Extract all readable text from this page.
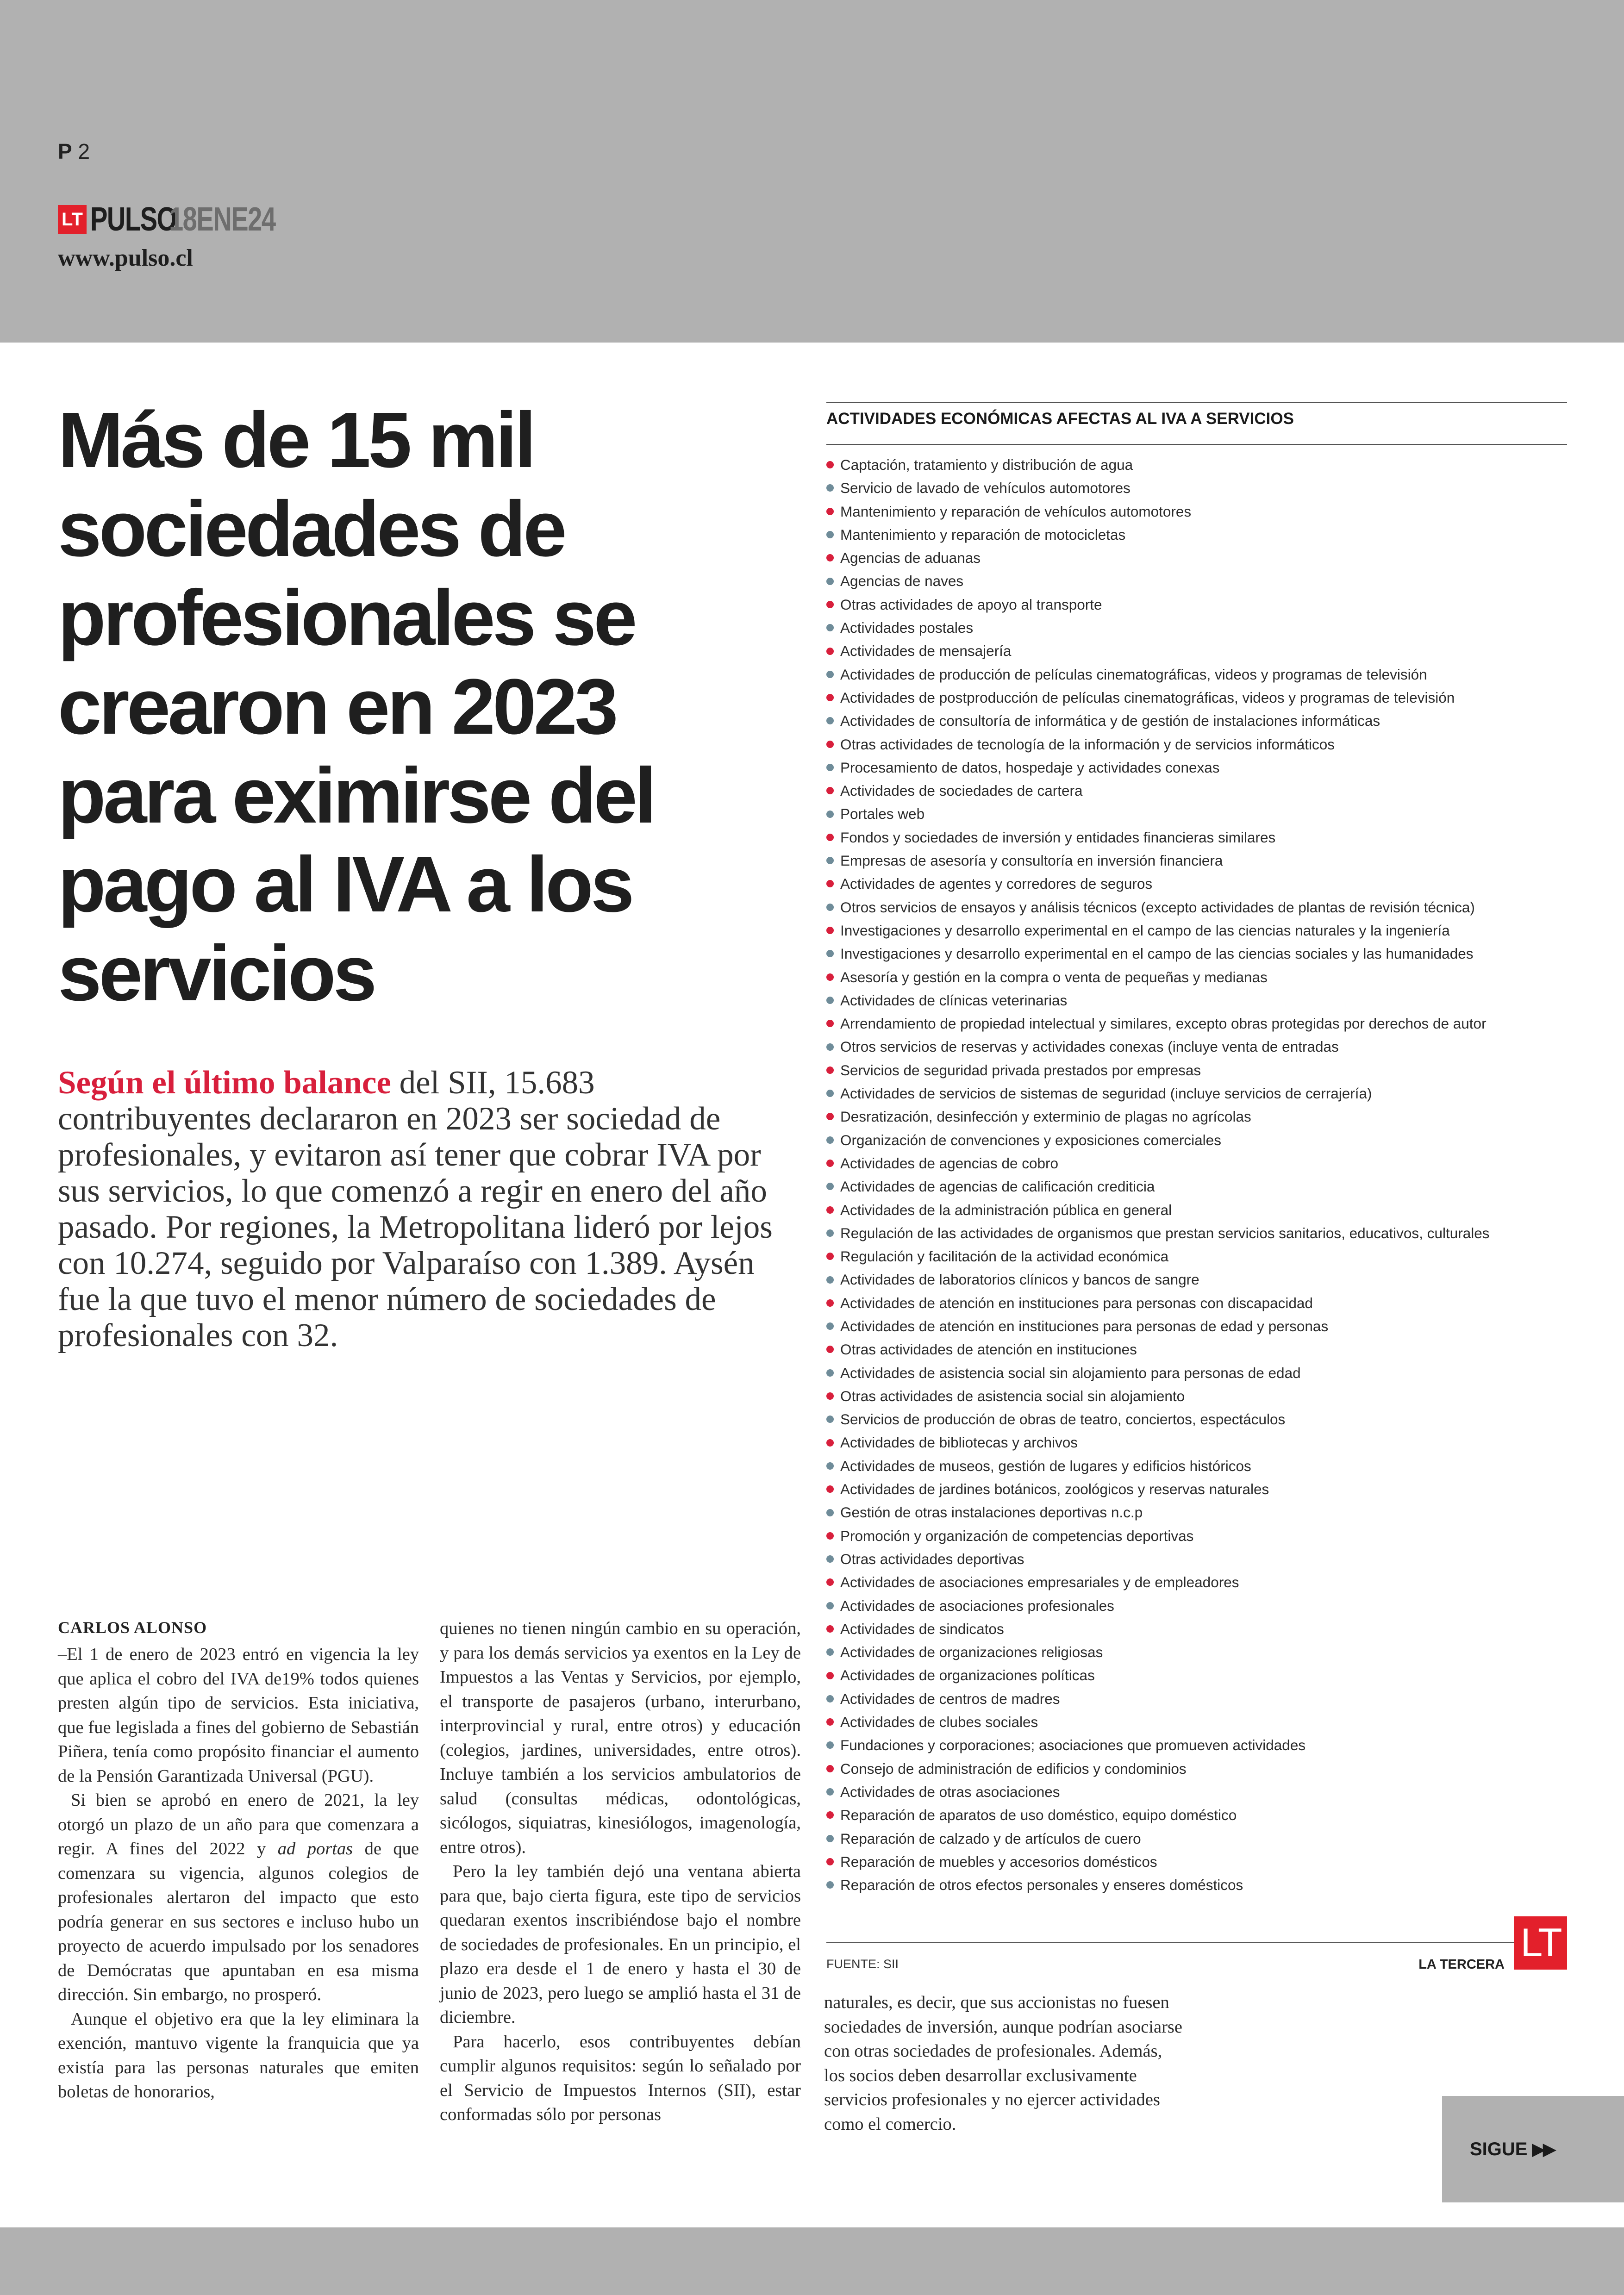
P 2
LT PULSO
18ENE24
www.pulso.cl
Más de 15 mil sociedades de profesionales se crearon en 2023 para eximirse del pago al IVA a los servicios

Según el último balance del SII, 15.683 contribuyentes declararon en 2023 ser sociedad de profesionales, y evitaron así tener que cobrar IVA por sus servicios, lo que comenzó a regir en enero del año pasado. Por regiones, la Metropolitana lideró por lejos con 10.274, seguido por Valparaíso con 1.389. Aysén fue la que tuvo el menor número de sociedades de profesionales con 32.

CARLOS ALONSO

–El 1 de enero de 2023 entró en vigencia la ley que aplica el cobro del IVA de19% todos quienes presten algún tipo de servicios. Esta iniciativa, que fue legislada a fines del gobierno de Sebastián Piñera, tenía como propósito financiar el aumento de la Pensión Garantizada Universal (PGU).

Si bien se aprobó en enero de 2021, la ley otorgó un plazo de un año para que comenzara a regir. A fines del 2022 y ad portas de que comenzara su vigencia, algunos colegios de profesionales alertaron del impacto que esto podría generar en sus sectores e incluso hubo un proyecto de acuerdo impulsado por los senadores de Demócratas que apuntaban en esa misma dirección. Sin embargo, no prosperó.

Aunque el objetivo era que la ley eliminara la exención, mantuvo vigente la franquicia que ya existía para las personas naturales que emiten boletas de honorarios,

quienes no tienen ningún cambio en su operación, y para los demás servicios ya exentos en la Ley de Impuestos a las Ventas y Servicios, por ejemplo, el transporte de pasajeros (urbano, interurbano, interprovincial y rural, entre otros) y educación (colegios, jardines, universidades, entre otros). Incluye también a los servicios ambulatorios de salud (consultas médicas, odontológicas, sicólogos, siquiatras, kinesiólogos, imagenología, entre otros).

Pero la ley también dejó una ventana abierta para que, bajo cierta figura, este tipo de servicios quedaran exentos inscribiéndose bajo el nombre de sociedades de profesionales. En un principio, el plazo era desde el 1 de enero y hasta el 30 de junio de 2023, pero luego se amplió hasta el 31 de diciembre.

Para hacerlo, esos contribuyentes debían cumplir algunos requisitos: según lo señalado por el Servicio de Impuestos Internos (SII), estar conformadas sólo por personas

naturales, es decir, que sus accionistas no fuesen sociedades de inversión, aunque podrían asociarse con otras sociedades de profesionales. Además, los socios deben desarrollar exclusivamente servicios profesionales y no ejercer actividades como el comercio.

ACTIVIDADES ECONÓMICAS AFECTAS AL IVA A SERVICIOS
Captación, tratamiento y distribución de agua
Servicio de lavado de vehículos automotores
Mantenimiento y reparación de vehículos automotores
Mantenimiento y reparación de motocicletas
Agencias de aduanas
Agencias de naves
Otras actividades de apoyo al transporte
Actividades postales
Actividades de mensajería
Actividades de producción de películas cinematográficas, videos y programas de televisión
Actividades de postproducción de películas cinematográficas, videos y programas de televisión
Actividades de consultoría de informática y de gestión de instalaciones informáticas
Otras actividades de tecnología de la información y de servicios informáticos
Procesamiento de datos, hospedaje y actividades conexas
Actividades de sociedades de cartera
Portales web
Fondos y sociedades de inversión y entidades financieras similares
Empresas de asesoría y consultoría en inversión financiera
Actividades de agentes y corredores de seguros
Otros servicios de ensayos y análisis técnicos (excepto actividades de plantas de revisión técnica)
Investigaciones y desarrollo experimental en el campo de las ciencias naturales y la ingeniería
Investigaciones y desarrollo experimental en el campo de las ciencias sociales y las humanidades
Asesoría y gestión en la compra o venta de pequeñas y medianas
Actividades de clínicas veterinarias
Arrendamiento de propiedad intelectual y similares, excepto obras protegidas por derechos de autor
Otros servicios de reservas y actividades conexas (incluye venta de entradas
Servicios de seguridad privada prestados por empresas
Actividades de servicios de sistemas de seguridad (incluye servicios de cerrajería)
Desratización, desinfección y exterminio de plagas no agrícolas
Organización de convenciones y exposiciones comerciales
Actividades de agencias de cobro
Actividades de agencias de calificación crediticia
Actividades de la administración pública en general
Regulación de las actividades de organismos que prestan servicios sanitarios, educativos, culturales
Regulación y facilitación de la actividad económica
Actividades de laboratorios clínicos y bancos de sangre
Actividades de atención en instituciones para personas con discapacidad
Actividades de atención en instituciones para personas de edad y personas
Otras actividades de atención en instituciones
Actividades de asistencia social sin alojamiento para personas de edad
Otras actividades de asistencia social sin alojamiento
Servicios de producción de obras de teatro, conciertos, espectáculos
Actividades de bibliotecas y archivos
Actividades de museos, gestión de lugares y edificios históricos
Actividades de jardines botánicos, zoológicos y reservas naturales
Gestión de otras instalaciones deportivas n.c.p
Promoción y organización de competencias deportivas
Otras actividades deportivas
Actividades de asociaciones empresariales y de empleadores
Actividades de asociaciones profesionales
Actividades de sindicatos
Actividades de organizaciones religiosas
Actividades de organizaciones políticas
Actividades de centros de madres
Actividades de clubes sociales
Fundaciones y corporaciones; asociaciones que promueven actividades
Consejo de administración de edificios y condominios
Actividades de otras asociaciones
Reparación de aparatos de uso doméstico, equipo doméstico
Reparación de calzado y de artículos de cuero
Reparación de muebles y accesorios domésticos
Reparación de otros efectos personales y enseres domésticos
FUENTE: SII	LA TERCERA LT
SIGUE ▶▶
